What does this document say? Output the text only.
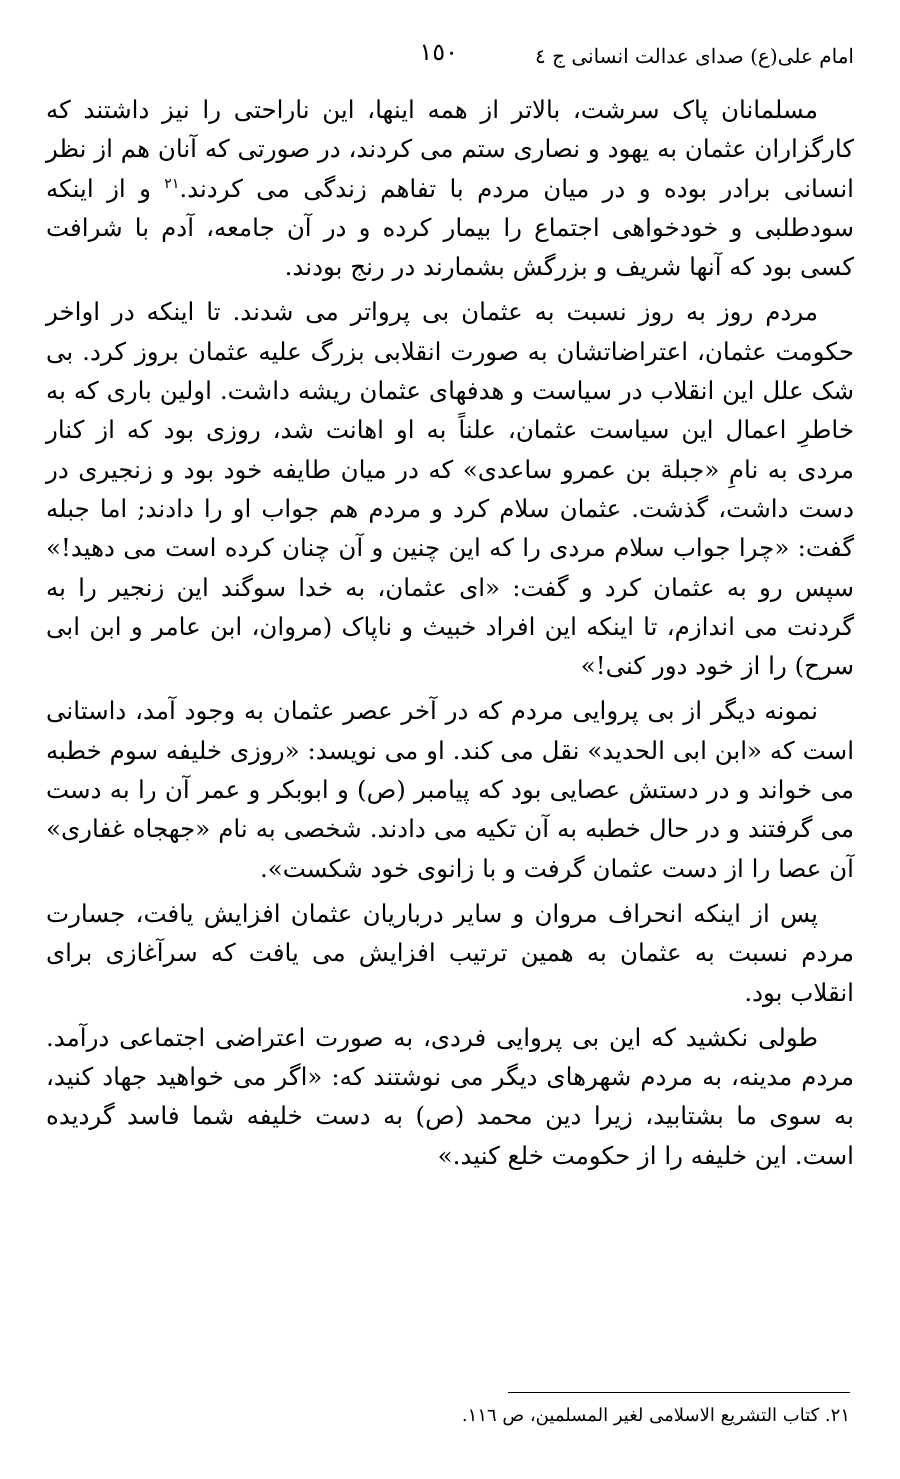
امام علی(ع) صدای عدالت انسانی ج ٤
١٥٠

مسلمانان پاک سرشت، بالاتر از همه اینها، این ناراحتی را نیز داشتند که کارگزاران عثمان به یهود و نصاری ستم می کردند، در صورتی که آنان هم از نظر انسانی برادر بوده و در میان مردم با تفاهم زندگی می کردند.$^{٢١}$ و از اینکه سودطلبی و خودخواهی اجتماع را بیمار کرده و در آن جامعه، آدم با شرافت کسی بود که آنها شریف و بزرگش بشمارند در رنج بودند.

مردم روز به روز نسبت به عثمان بی پرواتر می شدند. تا اینکه در اواخر حکومت عثمان، اعتراضاتشان به صورت انقلابی بزرگ علیه عثمان بروز کرد. بی شک علل این انقلاب در سیاست و هدفهای عثمان ریشه داشت. اولین باری که به خاطرِ اعمال این سیاست عثمان، علناً به او اهانت شد، روزی بود که از کنار مردی به نامِ «جبلة بن عمرو ساعدی» که در میان طایفه خود بود و زنجیری در دست داشت، گذشت. عثمان سلام کرد و مردم هم جواب او را دادند; اما جبله گفت: «چرا جواب سلام مردی را که این چنین و آن چنان کرده است می دهید!» سپس رو به عثمان کرد و گفت: «ای عثمان، به خدا سوگند این زنجیر را به گردنت می اندازم، تا اینکه این افراد خبیث و ناپاک (مروان، ابن عامر و ابن ابی سرح) را از خود دور کنی!»

نمونه دیگر از بی پروایی مردم که در آخر عصر عثمان به وجود آمد، داستانی است که «ابن ابی الحدید» نقل می کند. او می نویسد: «روزی خلیفه سوم خطبه می خواند و در دستش عصایی بود که پیامبر (ص) و ابوبکر و عمر آن را به دست می گرفتند و در حال خطبه به آن تکیه می دادند. شخصی به نام «جهجاه غفاری» آن عصا را از دست عثمان گرفت و با زانوی خود شکست».

پس از اینکه انحراف مروان و سایر درباریان عثمان افزایش یافت، جسارت مردم نسبت به عثمان به همین ترتیب افزایش می یافت که سرآغازی برای انقلاب بود.

طولی نکشید که این بی پروایی فردی، به صورت اعتراضی اجتماعی درآمد. مردم مدینه، به مردم شهرهای دیگر می نوشتند که: «اگر می خواهید جهاد کنید، به سوی ما بشتابید، زیرا دین محمد (ص) به دست خلیفه شما فاسد گردیده است. این خلیفه را از حکومت خلع کنید.»

٢١. کتاب التشریع الاسلامی لغیر المسلمین، ص ١١٦.
